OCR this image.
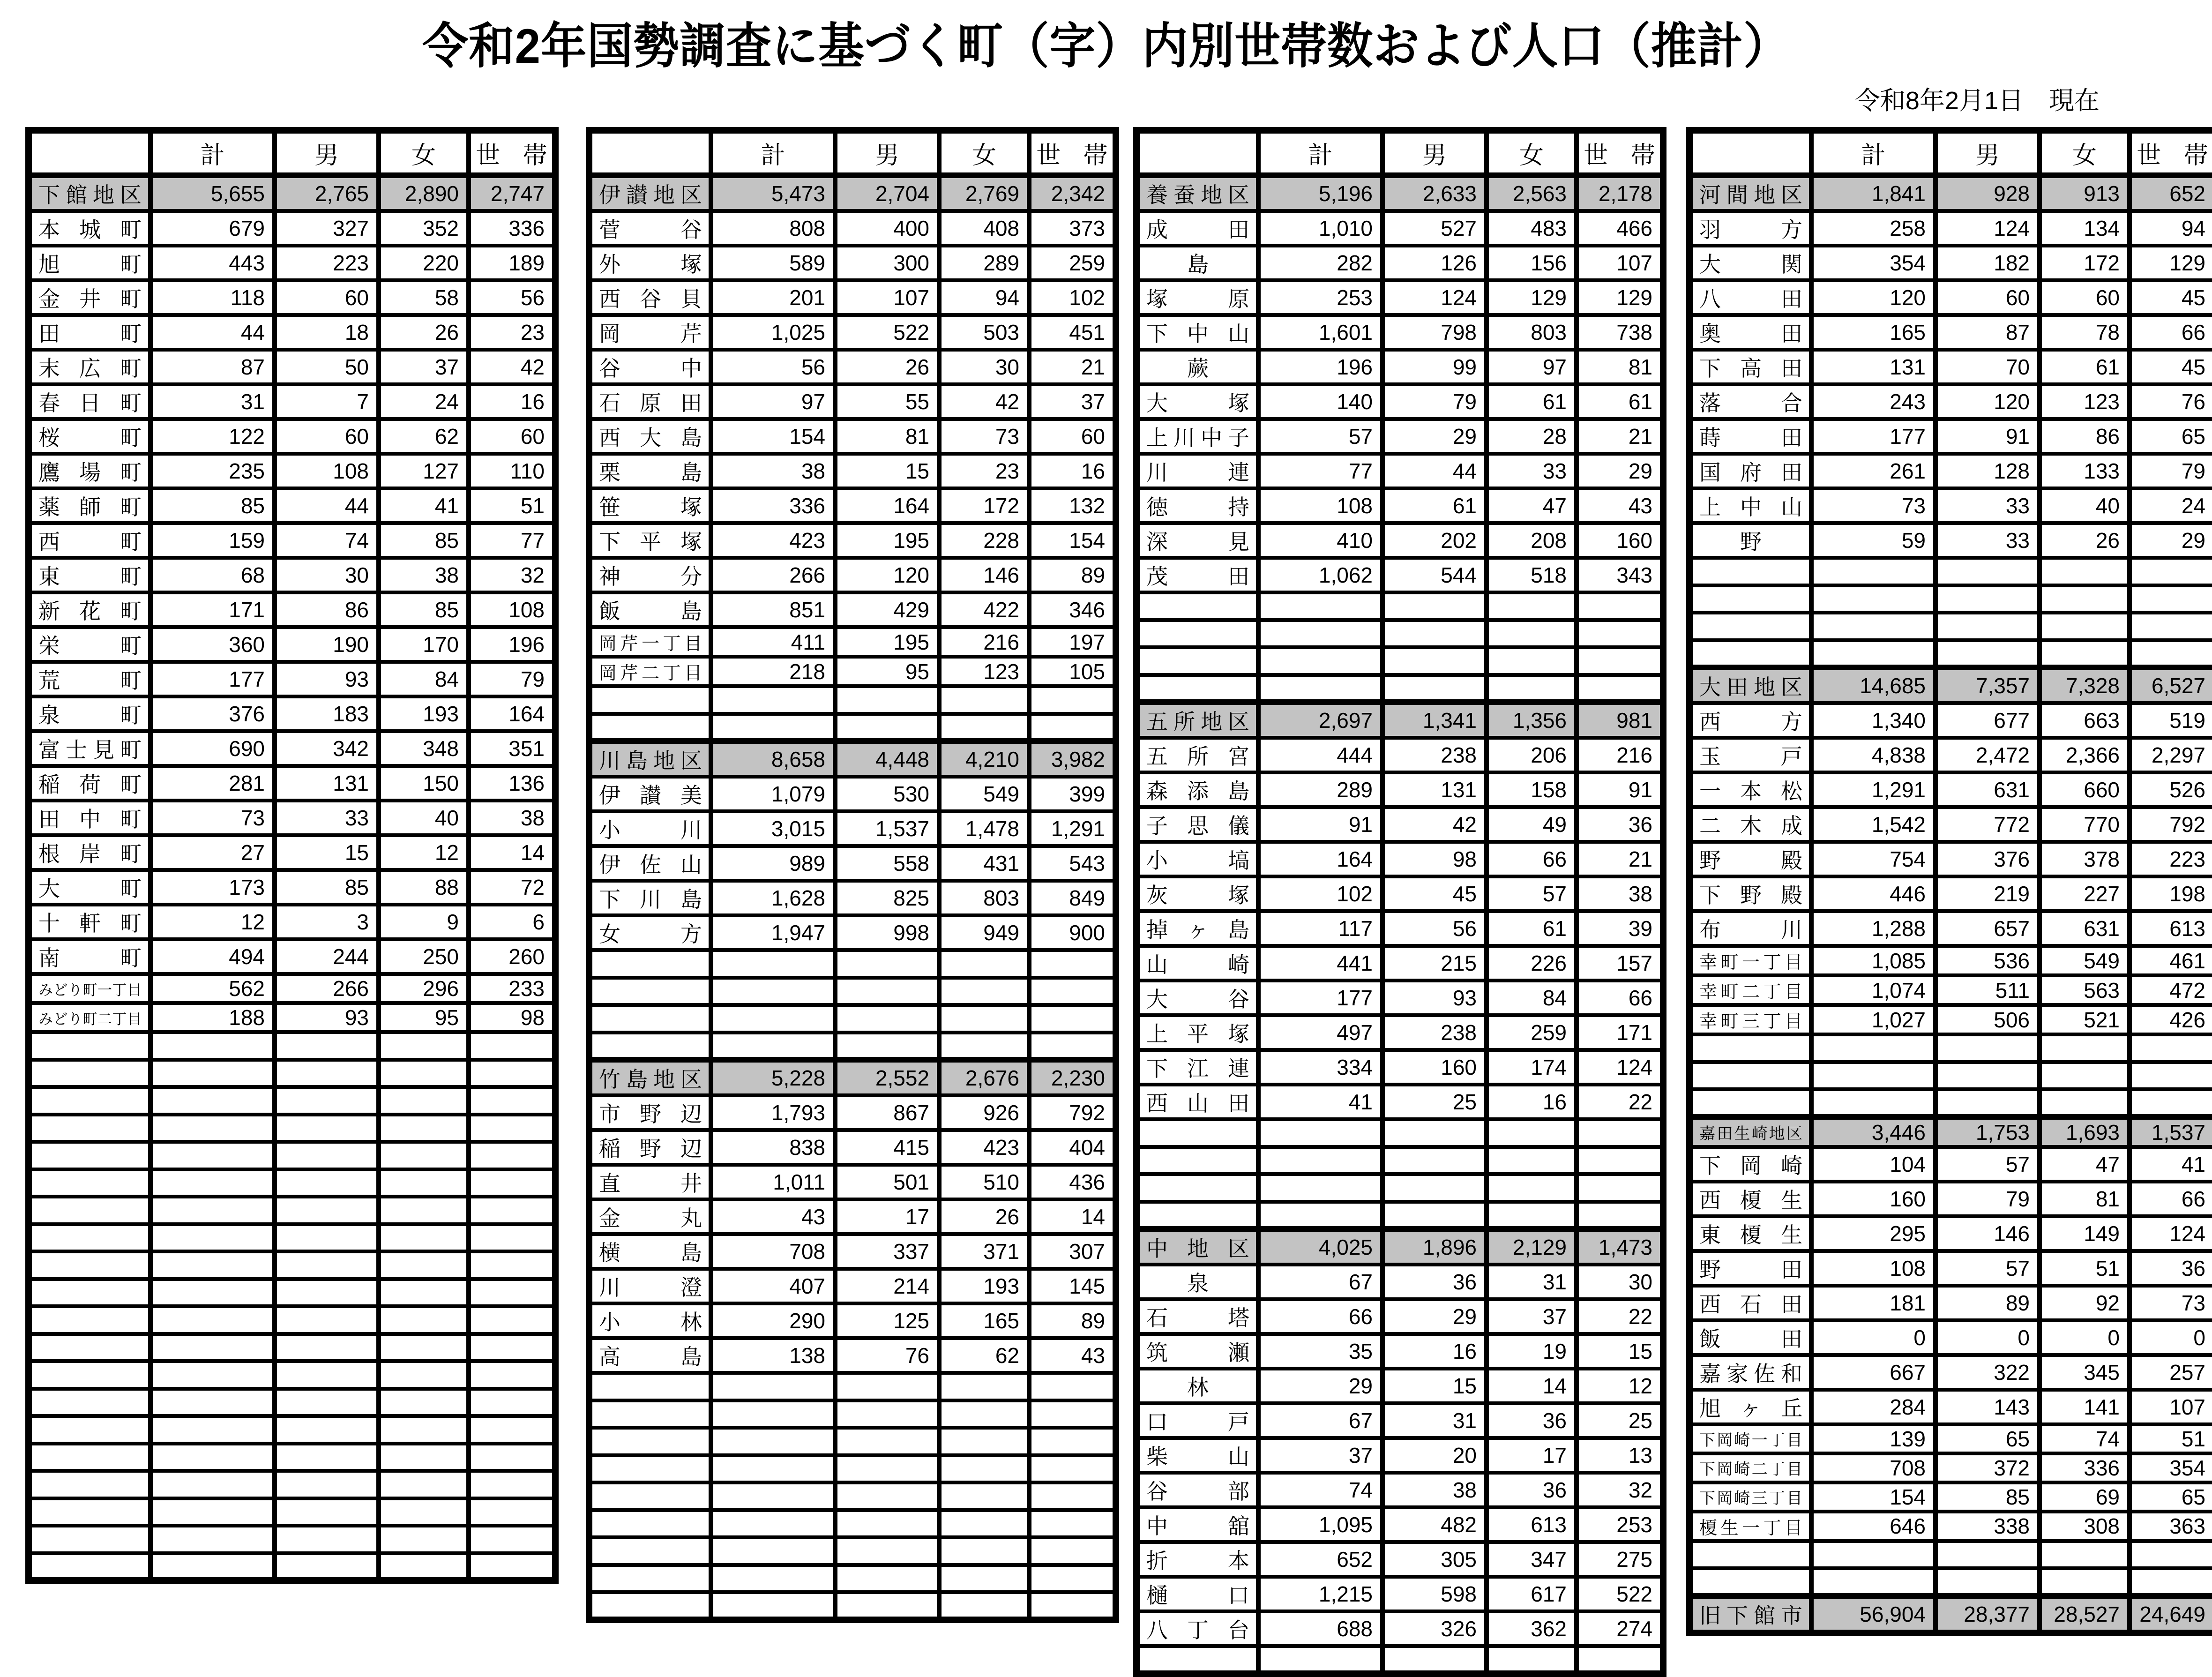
令和2年国勢調査に基づく町（字）内別世帯数および人口（推計）
令和8年2月1日　現在
	計	男	女	世 帯
下館地区	5,655	2,765	2,890	2,747
本城町	679	327	352	336
旭町	443	223	220	189
金井町	118	60	58	56
田町	44	18	26	23
末広町	87	50	37	42
春日町	31	7	24	16
桜町	122	60	62	60
鷹場町	235	108	127	110
薬師町	85	44	41	51
西町	159	74	85	77
東町	68	30	38	32
新花町	171	86	85	108
栄町	360	190	170	196
荒町	177	93	84	79
泉町	376	183	193	164
富士見町	690	342	348	351
稲荷町	281	131	150	136
田中町	73	33	40	38
根岸町	27	15	12	14
大町	173	85	88	72
十軒町	12	3	9	6
南町	494	244	250	260
みどり町一丁目	562	266	296	233
みどり町二丁目	188	93	95	98

	計	男	女	世 帯
伊讃地区	5,473	2,704	2,769	2,342
菅谷	808	400	408	373
外塚	589	300	289	259
西谷貝	201	107	94	102
岡芹	1,025	522	503	451
谷中	56	26	30	21
石原田	97	55	42	37
西大島	154	81	73	60
栗島	38	15	23	16
笹塚	336	164	172	132
下平塚	423	195	228	154
神分	266	120	146	89
飯島	851	429	422	346
岡芹一丁目	411	195	216	197
岡芹二丁目	218	95	123	105

川島地区	8,658	4,448	4,210	3,982
伊讃美	1,079	530	549	399
小川	3,015	1,537	1,478	1,291
伊佐山	989	558	431	543
下川島	1,628	825	803	849
女方	1,947	998	949	900

竹島地区	5,228	2,552	2,676	2,230
市野辺	1,793	867	926	792
稲野辺	838	415	423	404
直井	1,011	501	510	436
金丸	43	17	26	14
横島	708	337	371	307
川澄	407	214	193	145
小林	290	125	165	89
高島	138	76	62	43

	計	男	女	世 帯
養蚕地区	5,196	2,633	2,563	2,178
成田	1,010	527	483	466
島	282	126	156	107
塚原	253	124	129	129
下中山	1,601	798	803	738
蕨	196	99	97	81
大塚	140	79	61	61
上川中子	57	29	28	21
川連	77	44	33	29
徳持	108	61	47	43
深見	410	202	208	160
茂田	1,062	544	518	343

五所地区	2,697	1,341	1,356	981
五所宮	444	238	206	216
森添島	289	131	158	91
子思儀	91	42	49	36
小塙	164	98	66	21
灰塚	102	45	57	38
掉ヶ島	117	56	61	39
山崎	441	215	226	157
大谷	177	93	84	66
上平塚	497	238	259	171
下江連	334	160	174	124
西山田	41	25	16	22

中地区	4,025	1,896	2,129	1,473
泉	67	36	31	30
石塔	66	29	37	22
筑瀬	35	16	19	15
林	29	15	14	12
口戸	67	31	36	25
柴山	37	20	17	13
谷部	74	38	36	32
中舘	1,095	482	613	253
折本	652	305	347	275
樋口	1,215	598	617	522
八丁台	688	326	362	274

	計	男	女	世 帯
河間地区	1,841	928	913	652
羽方	258	124	134	94
大関	354	182	172	129
八田	120	60	60	45
奥田	165	87	78	66
下高田	131	70	61	45
落合	243	120	123	76
蒔田	177	91	86	65
国府田	261	128	133	79
上中山	73	33	40	24
野	59	33	26	29

大田地区	14,685	7,357	7,328	6,527
西方	1,340	677	663	519
玉戸	4,838	2,472	2,366	2,297
一本松	1,291	631	660	526
二木成	1,542	772	770	792
野殿	754	376	378	223
下野殿	446	219	227	198
布川	1,288	657	631	613
幸町一丁目	1,085	536	549	461
幸町二丁目	1,074	511	563	472
幸町三丁目	1,027	506	521	426

嘉田生崎地区	3,446	1,753	1,693	1,537
下岡崎	104	57	47	41
西榎生	160	79	81	66
東榎生	295	146	149	124
野田	108	57	51	36
西石田	181	89	92	73
飯田	0	0	0	0
嘉家佐和	667	322	345	257
旭ヶ丘	284	143	141	107
下岡崎一丁目	139	65	74	51
下岡崎二丁目	708	372	336	354
下岡崎三丁目	154	85	69	65
榎生一丁目	646	338	308	363

旧下館市	56,904	28,377	28,527	24,649
